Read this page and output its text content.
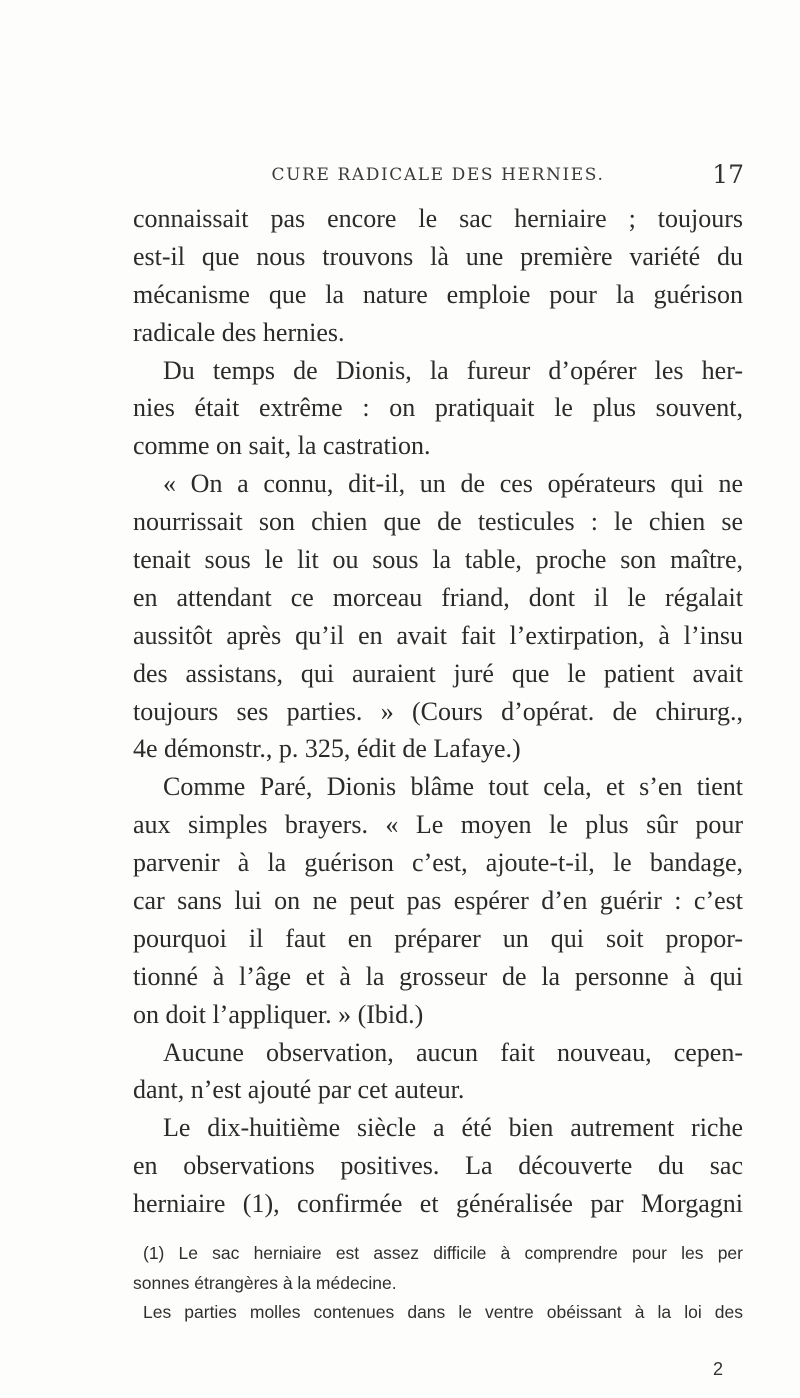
CURE RADICALE DES HERNIES.	17
connaissait pas encore le sac herniaire ; toujours
est-il que nous trouvons là une première variété du
mécanisme que la nature emploie pour la guérison
radicale des hernies.
Du temps de Dionis, la fureur d’opérer les her-
nies était extrême : on pratiquait le plus souvent,
comme on sait, la castration.
« On a connu, dit-il, un de ces opérateurs qui ne
nourrissait son chien que de testicules : le chien se
tenait sous le lit ou sous la table, proche son maître,
en attendant ce morceau friand, dont il le régalait
aussitôt après qu’il en avait fait l’extirpation, à l’insu
des assistans, qui auraient juré que le patient avait
toujours ses parties. » (Cours d’opérat. de chirurg.,
4e démonstr., p. 325, édit de Lafaye.)
Comme Paré, Dionis blâme tout cela, et s’en tient
aux simples brayers. « Le moyen le plus sûr pour
parvenir à la guérison c’est, ajoute-t-il, le bandage,
car sans lui on ne peut pas espérer d’en guérir : c’est
pourquoi il faut en préparer un qui soit propor-
tionné à l’âge et à la grosseur de la personne à qui
on doit l’appliquer. » (Ibid.)
Aucune observation, aucun fait nouveau, cepen-
dant, n’est ajouté par cet auteur.
Le dix-huitième siècle a été bien autrement riche
en observations positives. La découverte du sac
herniaire (1), confirmée et généralisée par Morgagni
(1) Le sac herniaire est assez difficile à comprendre pour les per
sonnes étrangères à la médecine.
Les parties molles contenues dans le ventre obéissant à la loi des
2
